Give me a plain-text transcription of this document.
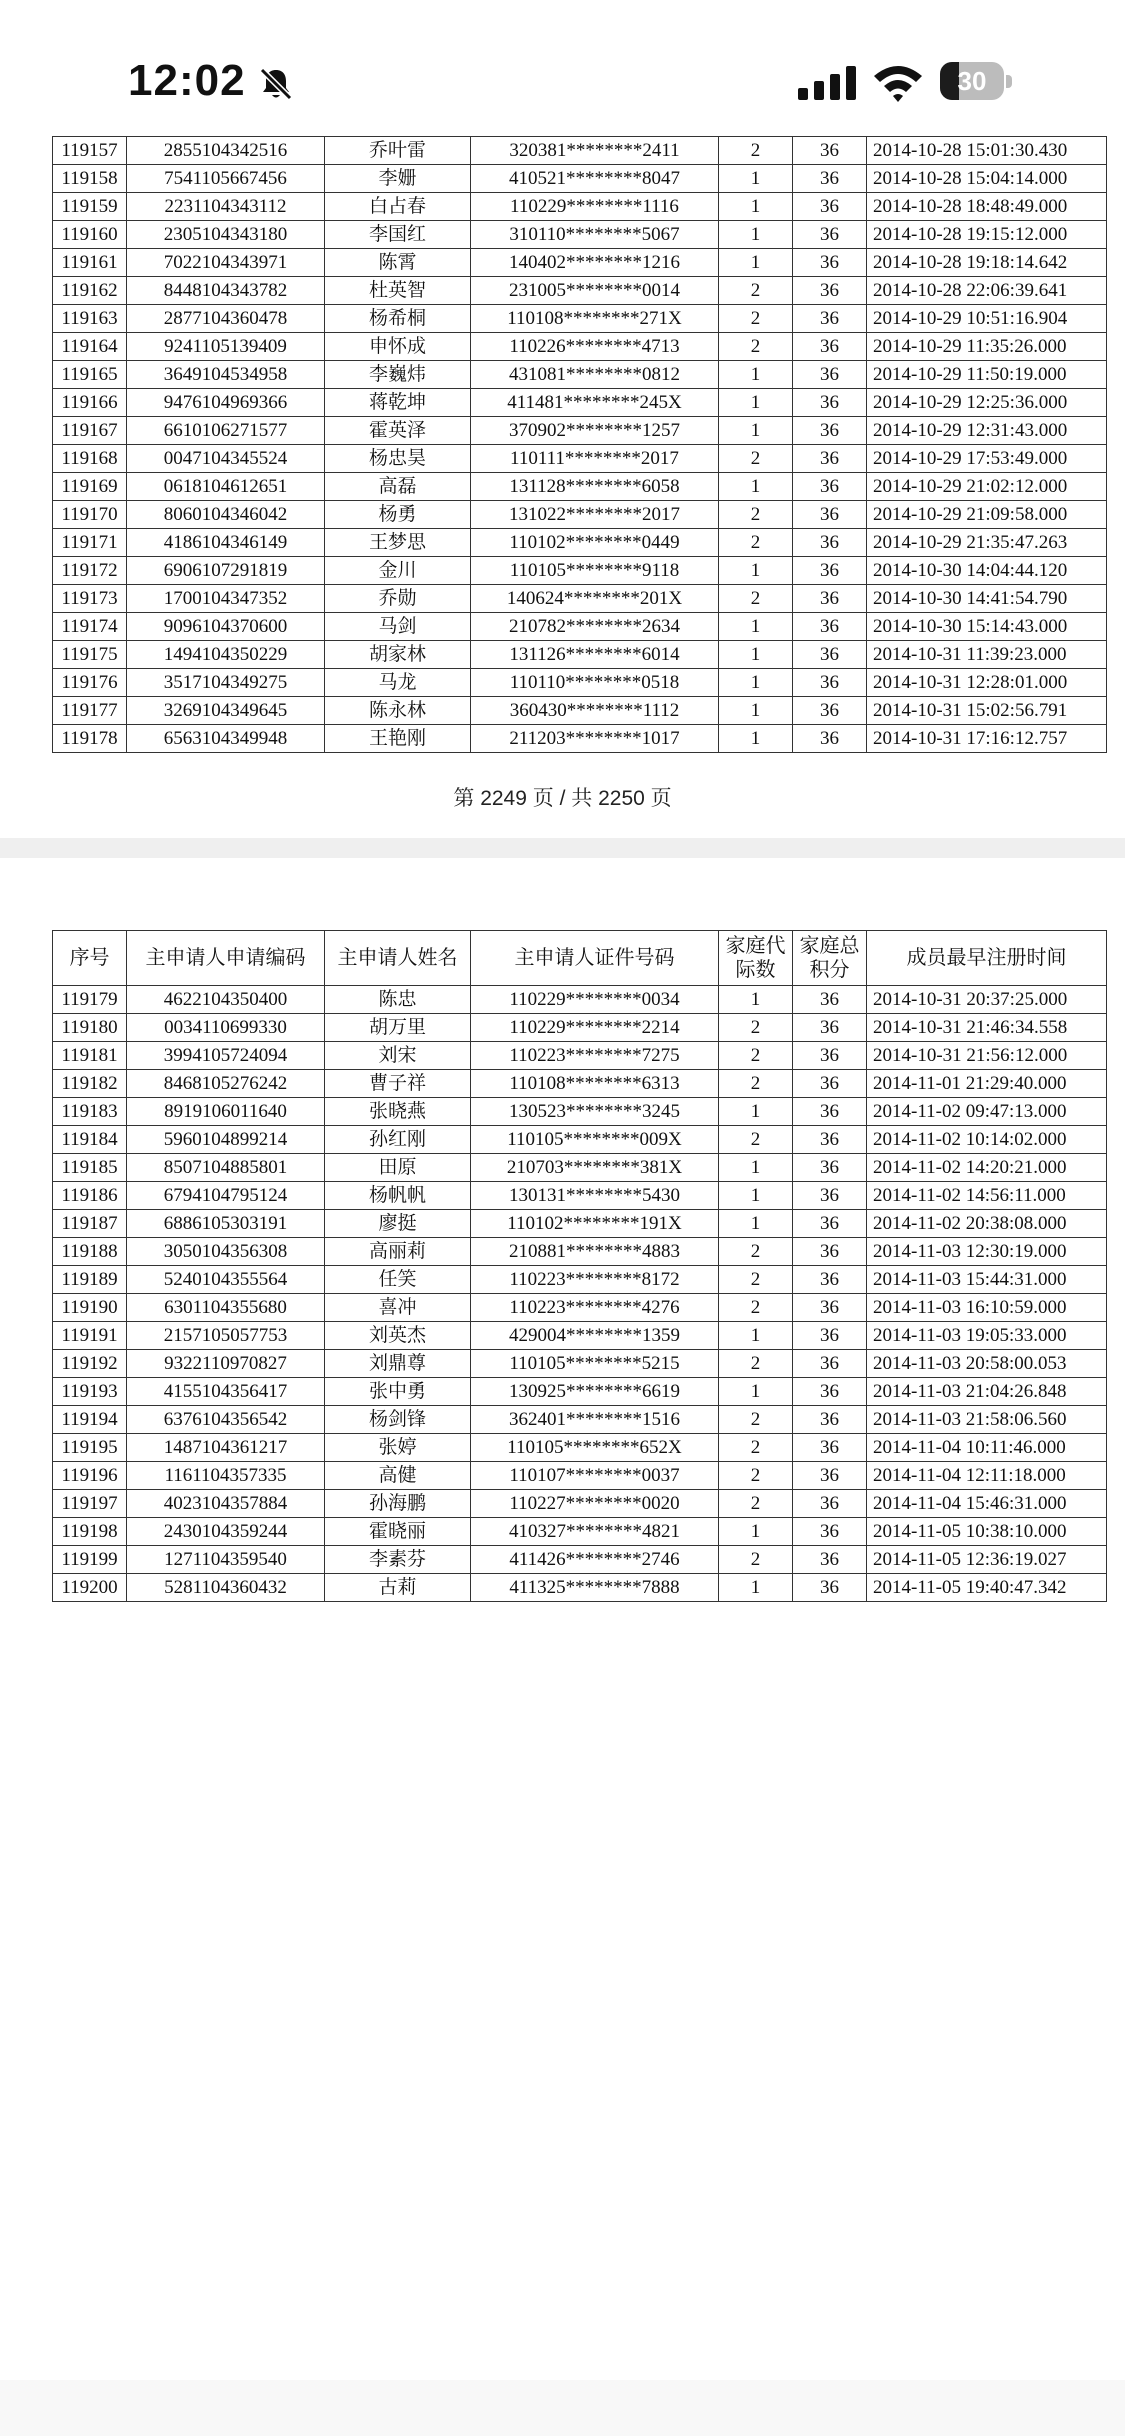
12:02	30
119157	2855104342516	乔叶雷	320381********2411	2	36	2014-10-28 15:01:30.430
119158	7541105667456	李姗	410521********8047	1	36	2014-10-28 15:04:14.000
119159	2231104343112	白占春	110229********1116	1	36	2014-10-28 18:48:49.000
119160	2305104343180	李国红	310110********5067	1	36	2014-10-28 19:15:12.000
119161	7022104343971	陈霄	140402********1216	1	36	2014-10-28 19:18:14.642
119162	8448104343782	杜英智	231005********0014	2	36	2014-10-28 22:06:39.641
119163	2877104360478	杨希桐	110108********271X	2	36	2014-10-29 10:51:16.904
119164	9241105139409	申怀成	110226********4713	2	36	2014-10-29 11:35:26.000
119165	3649104534958	李巍炜	431081********0812	1	36	2014-10-29 11:50:19.000
119166	9476104969366	蒋乾坤	411481********245X	1	36	2014-10-29 12:25:36.000
119167	6610106271577	霍英泽	370902********1257	1	36	2014-10-29 12:31:43.000
119168	0047104345524	杨忠昊	110111********2017	2	36	2014-10-29 17:53:49.000
119169	0618104612651	高磊	131128********6058	1	36	2014-10-29 21:02:12.000
119170	8060104346042	杨勇	131022********2017	2	36	2014-10-29 21:09:58.000
119171	4186104346149	王梦思	110102********0449	2	36	2014-10-29 21:35:47.263
119172	6906107291819	金川	110105********9118	1	36	2014-10-30 14:04:44.120
119173	1700104347352	乔勋	140624********201X	2	36	2014-10-30 14:41:54.790
119174	9096104370600	马剑	210782********2634	1	36	2014-10-30 15:14:43.000
119175	1494104350229	胡家林	131126********6014	1	36	2014-10-31 11:39:23.000
119176	3517104349275	马龙	110110********0518	1	36	2014-10-31 12:28:01.000
119177	3269104349645	陈永林	360430********1112	1	36	2014-10-31 15:02:56.791
119178	6563104349948	王艳刚	211203********1017	1	36	2014-10-31 17:16:12.757
第 2249 页 / 共 2250 页
序号	主申请人申请编码	主申请人姓名	主申请人证件号码	家庭代际数	家庭总积分	成员最早注册时间
119179	4622104350400	陈忠	110229********0034	1	36	2014-10-31 20:37:25.000
119180	0034110699330	胡万里	110229********2214	2	36	2014-10-31 21:46:34.558
119181	3994105724094	刘宋	110223********7275	2	36	2014-10-31 21:56:12.000
119182	8468105276242	曹子祥	110108********6313	2	36	2014-11-01 21:29:40.000
119183	8919106011640	张晓燕	130523********3245	1	36	2014-11-02 09:47:13.000
119184	5960104899214	孙红刚	110105********009X	2	36	2014-11-02 10:14:02.000
119185	8507104885801	田原	210703********381X	1	36	2014-11-02 14:20:21.000
119186	6794104795124	杨帆帆	130131********5430	1	36	2014-11-02 14:56:11.000
119187	6886105303191	廖挺	110102********191X	1	36	2014-11-02 20:38:08.000
119188	3050104356308	高丽莉	210881********4883	2	36	2014-11-03 12:30:19.000
119189	5240104355564	任笑	110223********8172	2	36	2014-11-03 15:44:31.000
119190	6301104355680	喜冲	110223********4276	2	36	2014-11-03 16:10:59.000
119191	2157105057753	刘英杰	429004********1359	1	36	2014-11-03 19:05:33.000
119192	9322110970827	刘鼎尊	110105********5215	2	36	2014-11-03 20:58:00.053
119193	4155104356417	张中勇	130925********6619	1	36	2014-11-03 21:04:26.848
119194	6376104356542	杨剑锋	362401********1516	2	36	2014-11-03 21:58:06.560
119195	1487104361217	张婷	110105********652X	2	36	2014-11-04 10:11:46.000
119196	1161104357335	高健	110107********0037	2	36	2014-11-04 12:11:18.000
119197	4023104357884	孙海鹏	110227********0020	2	36	2014-11-04 15:46:31.000
119198	2430104359244	霍晓丽	410327********4821	1	36	2014-11-05 10:38:10.000
119199	1271104359540	李素芬	411426********2746	2	36	2014-11-05 12:36:19.027
119200	5281104360432	古莉	411325********7888	1	36	2014-11-05 19:40:47.342
